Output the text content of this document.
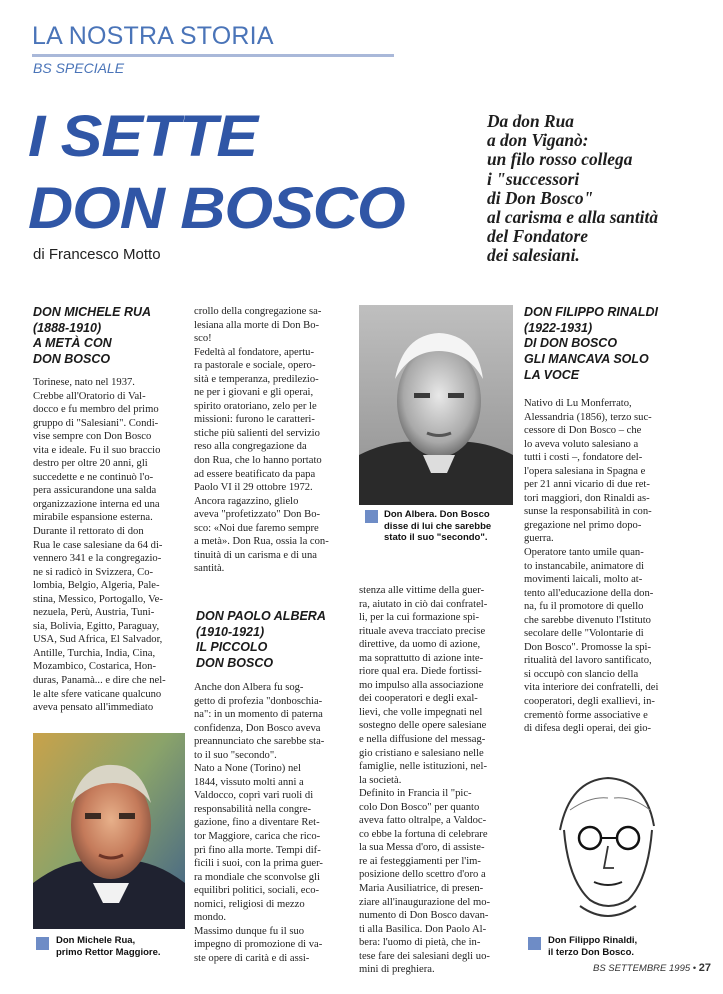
LA NOSTRA STORIA
BS SPECIALE
I SETTE
DON BOSCO
di Francesco Motto
Da don Rua
a don Viganò:
un filo rosso collega
i "successori
di Don Bosco"
al carisma e alla santità
del Fondatore
dei salesiani.
DON MICHELE RUA
(1888-1910)
A METÀ CON
DON BOSCO
Torinese, nato nel 1937.
Crebbe all'Oratorio di Val-
docco e fu membro del primo
gruppo di "Salesiani". Condi-
vise sempre con Don Bosco
vita e ideale. Fu il suo braccio
destro per oltre 20 anni, gli
succedette e ne continuò l'o-
pera assicurandone una salda
organizzazione interna ed una
mirabile espansione esterna.
Durante il rettorato di don
Rua le case salesiane da 64 di-
vennero 341 e la congregazio-
ne si radicò in Svizzera, Co-
lombia, Belgio, Algeria, Pale-
stina, Messico, Portogallo, Ve-
nezuela, Perù, Austria, Tuni-
sia, Bolivia, Egitto, Paraguay,
USA, Sud Africa, El Salvador,
Antille, Turchia, India, Cina,
Mozambico, Costarica, Hon-
duras, Panamà... e dire che nel-
le alte sfere vaticane qualcuno
aveva pensato all'immediato
Don Michele Rua,
primo Rettor Maggiore.
crollo della congregazione sa-
lesiana alla morte di Don Bo-
sco!
Fedeltà al fondatore, apertu-
ra pastorale e sociale, opero-
sità e temperanza, predilezio-
ne per i giovani e gli operai,
spirito oratoriano, zelo per le
missioni: furono le caratteri-
stiche più salienti del servizio
reso alla congregazione da
don Rua, che lo hanno portato
ad essere beatificato da papa
Paolo VI il 29 ottobre 1972.
Ancora ragazzino, glielo
aveva "profetizzato" Don Bo-
sco: «Noi due faremo sempre
a metà». Don Rua, ossia la con-
tinuità di un carisma e di una
santità.
DON PAOLO ALBERA
(1910-1921)
IL PICCOLO
DON BOSCO
Anche don Albera fu sog-
getto di profezia "donboschia-
na": in un momento di paterna
confidenza, Don Bosco aveva
preannunciato che sarebbe sta-
to il suo "secondo".
Nato a None (Torino) nel
1844, vissuto molti anni a
Valdocco, coprì vari ruoli di
responsabilità nella congre-
gazione, fino a diventare Ret-
tor Maggiore, carica che rico-
prì fino alla morte. Tempi dif-
ficili i suoi, con la prima guer-
ra mondiale che sconvolse gli
equilibri politici, sociali, eco-
nomici, religiosi di mezzo
mondo.
Massimo dunque fu il suo
impegno di promozione di va-
ste opere di carità e di assi-
Don Albera. Don Bosco
disse di lui che sarebbe
stato il suo "secondo".
stenza alle vittime della guer-
ra, aiutato in ciò dai confratel-
li, per la cui formazione spi-
rituale aveva tracciato precise
direttive, da uomo di azione,
ma soprattutto di azione inte-
riore qual era. Diede fortissi-
mo impulso alla associazione
dei cooperatori e degli exal-
lievi, che volle impegnati nel
sostegno delle opere salesiane
e nella diffusione del messag-
gio cristiano e salesiano nelle
famiglie, nelle istituzioni, nel-
la società.
Definito in Francia il "pic-
colo Don Bosco" per quanto
aveva fatto oltralpe, a Valdoc-
co ebbe la fortuna di celebrare
la sua Messa d'oro, di assiste-
re ai festeggiamenti per l'im-
posizione dello scettro d'oro a
Maria Ausiliatrice, di presen-
ziare all'inaugurazione del mo-
numento di Don Bosco davan-
ti alla Basilica. Don Paolo Al-
bera: l'uomo di pietà, che in-
tese fare dei salesiani degli uo-
mini di preghiera.
DON FILIPPO RINALDI
(1922-1931)
DI DON BOSCO
GLI MANCAVA SOLO
LA VOCE
Nativo di Lu Monferrato,
Alessandria (1856), terzo suc-
cessore di Don Bosco – che
lo aveva voluto salesiano a
tutti i costi –, fondatore del-
l'opera salesiana in Spagna e
per 21 anni vicario di due ret-
tori maggiori, don Rinaldi as-
sunse la responsabilità in con-
gregazione nel primo dopo-
guerra.
Operatore tanto umile quan-
to instancabile, animatore di
movimenti laicali, molto at-
tento all'educazione della don-
na, fu il promotore di quello
che sarebbe divenuto l'Istituto
secolare delle "Volontarie di
Don Bosco". Promosse la spi-
ritualità del lavoro santificato,
si occupò con slancio della
vita interiore dei confratelli, dei
cooperatori, degli exallievi, in-
crementò forme associative e
di difesa degli operai, dei gio-
Don Filippo Rinaldi,
il terzo Don Bosco.
BS SETTEMBRE 1995 • 27
